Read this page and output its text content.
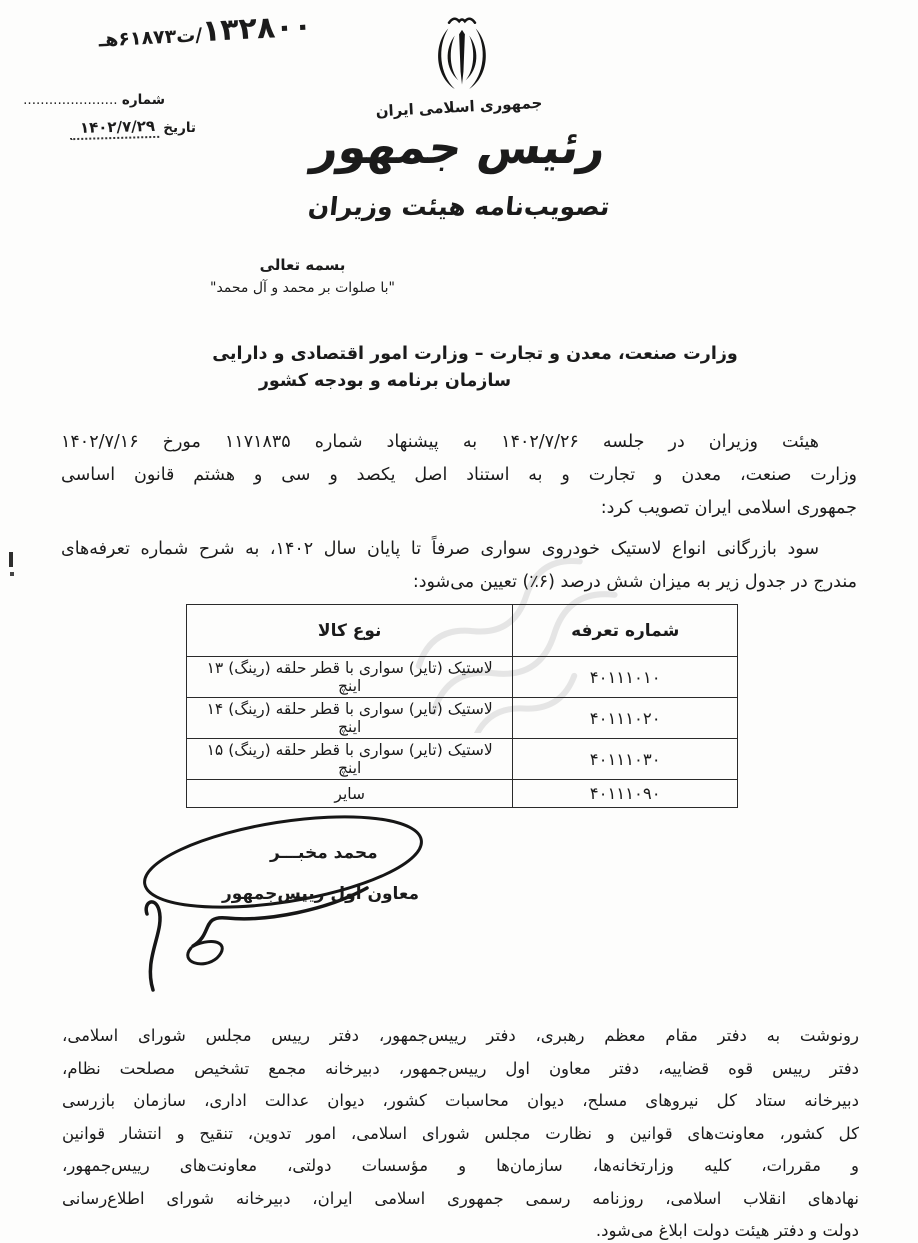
۱۳۲۸۰۰/ت۶۱۸۷۳هـ
شماره ......................
تاریخ ۱۴۰۲/۷/۲۹
جمهوری اسلامی ایران
رئیس جمهور
تصویب‌نامه هیئت وزیران
بسمه تعالی
"با صلوات بر محمد و آل محمد"
وزارت صنعت، معدن و تجارت – وزارت امور اقتصادی و دارایی
سازمان برنامه و بودجه کشور
هیئت وزیران در جلسه ۱۴۰۲/۷/۲۶ به پیشنهاد شماره ۱۱۷۱۸۳۵ مورخ ۱۴۰۲/۷/۱۶
وزارت صنعت، معدن و تجارت و به استناد اصل یکصد و سی و هشتم قانون اساسی
جمهوری اسلامی ایران تصویب کرد:
سود بازرگانی انواع لاستیک خودروی سواری صرفاً تا پایان سال ۱۴۰۲، به شرح شماره تعرفه‌های
مندرج در جدول زیر به میزان شش درصد (۶٪) تعیین می‌شود:
شماره تعرفه	نوع کالا
۴۰۱۱۱۰۱۰	لاستیک (تایر) سواری با قطر حلقه (رینگ) ۱۳ اینچ
۴۰۱۱۱۰۲۰	لاستیک (تایر) سواری با قطر حلقه (رینگ) ۱۴ اینچ
۴۰۱۱۱۰۳۰	لاستیک (تایر) سواری با قطر حلقه (رینگ) ۱۵ اینچ
۴۰۱۱۱۰۹۰	سایر
محمد مخبـــر
معاون اول رییس‌جمهور
رونوشت به دفتر مقام معظم رهبری، دفتر رییس‌جمهور، دفتر رییس مجلس شورای اسلامی،
دفتر رییس قوه قضاییه، دفتر معاون اول رییس‌جمهور، دبیرخانه مجمع تشخیص مصلحت نظام،
دبیرخانه ستاد کل نیروهای مسلح، دیوان محاسبات کشور، دیوان عدالت اداری، سازمان بازرسی
کل کشور، معاونت‌های قوانین و نظارت مجلس شورای اسلامی، امور تدوین، تنقیح و انتشار قوانین
و مقررات، کلیه وزارتخانه‌ها، سازمان‌ها و مؤسسات دولتی، معاونت‌های رییس‌جمهور،
نهادهای انقلاب اسلامی، روزنامه رسمی جمهوری اسلامی ایران، دبیرخانه شورای اطلاع‌رسانی
دولت و دفتر هیئت دولت ابلاغ می‌شود.
